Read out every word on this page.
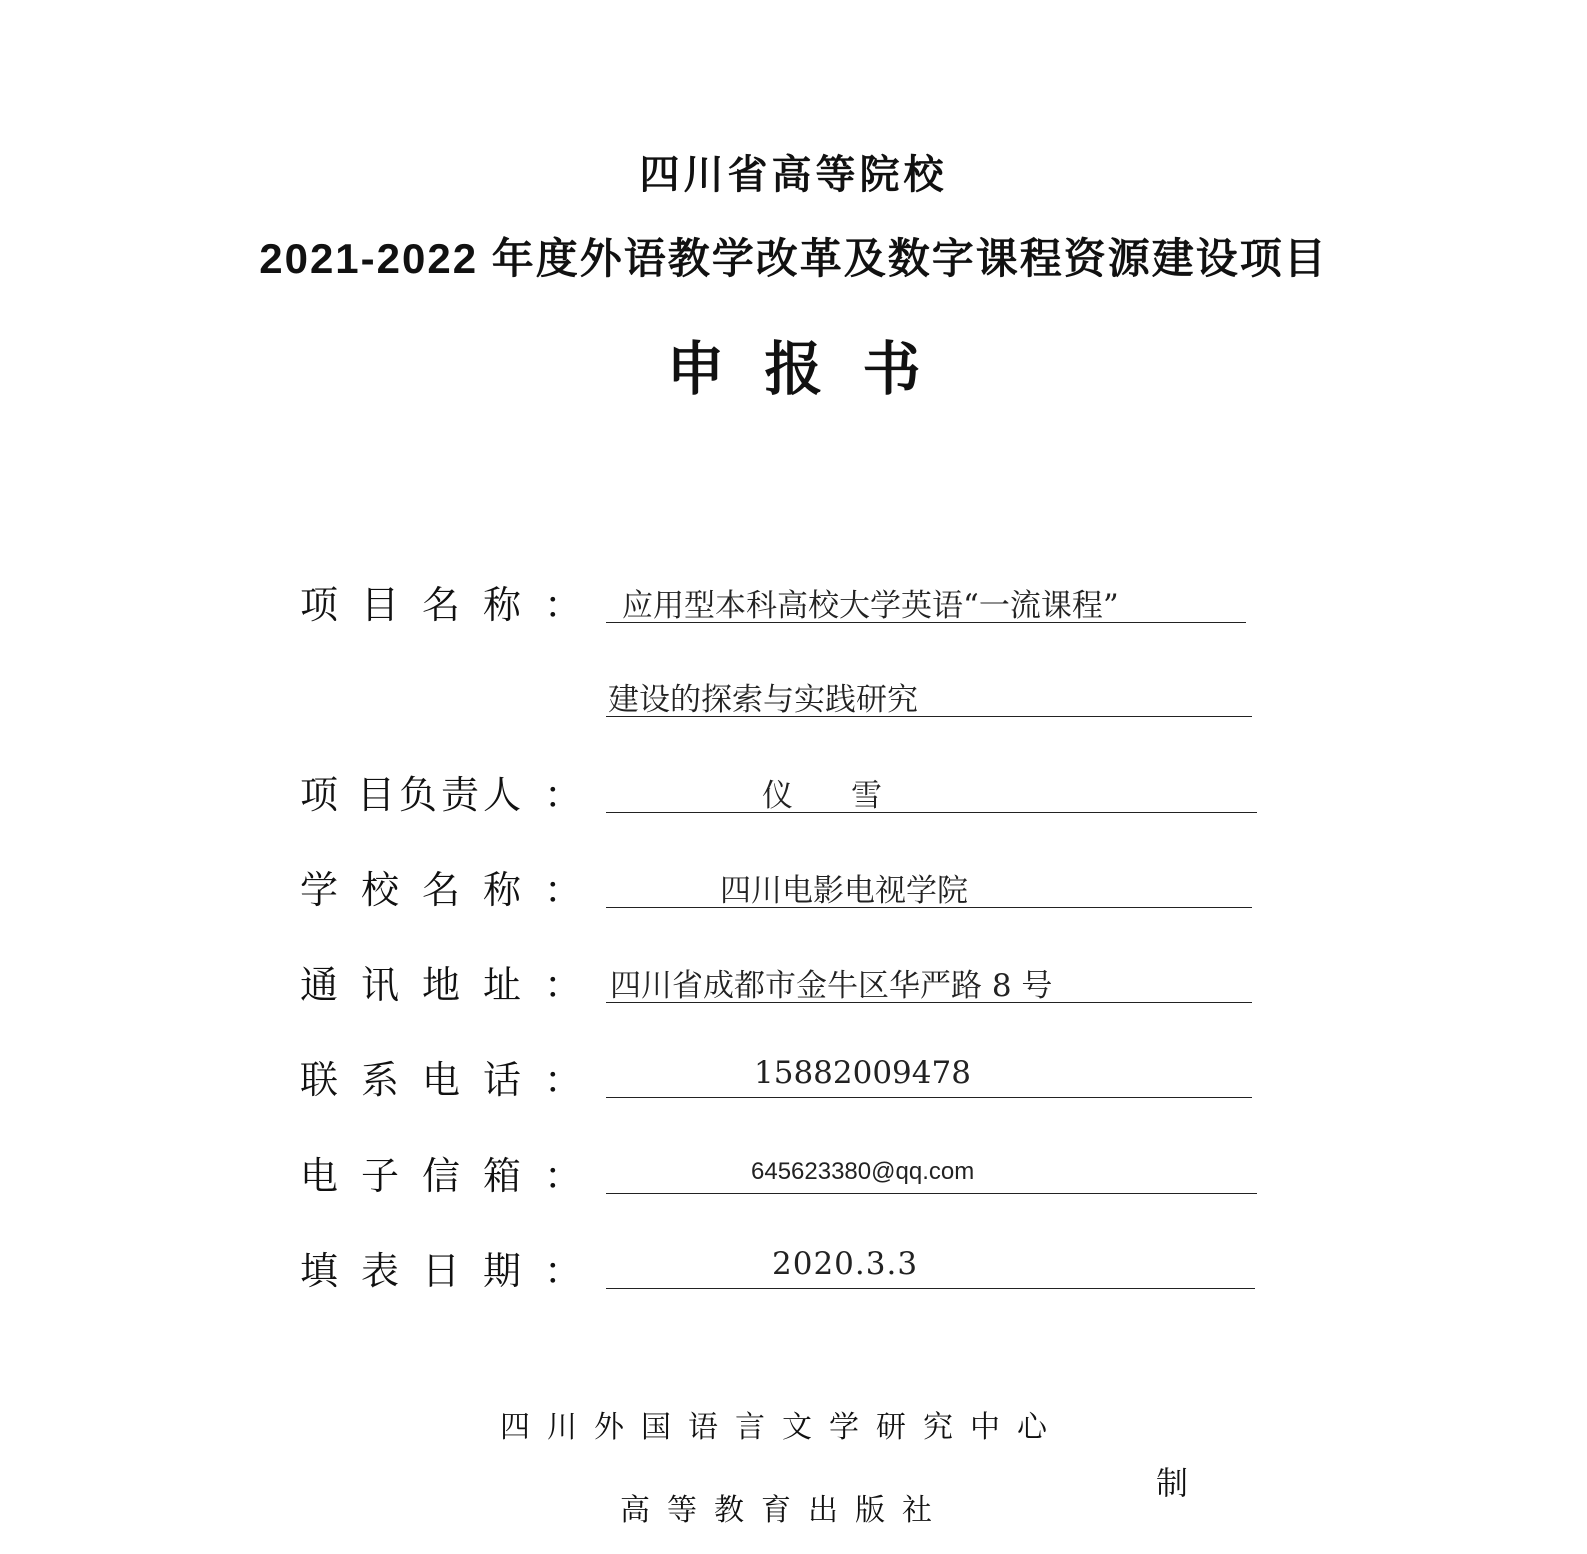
四川省高等院校
2021-2022 年度外语教学改革及数字课程资源建设项目
申报书
项 目 名 称 ： 应用型本科高校大学英语“一流课程”
建设的探索与实践研究
项 目负责人 ：	仪雪
学 校 名 称 ：	四川电影电视学院
通 讯 地 址 ： 四川省成都市金牛区华严路 8 号
联 系 电 话 ：	15882009478
电 子 信 箱 ：	645623380@qq.com
填 表 日 期 ：	2020.3.3
四川外国语言文学研究中心
高等教育出版社
制
